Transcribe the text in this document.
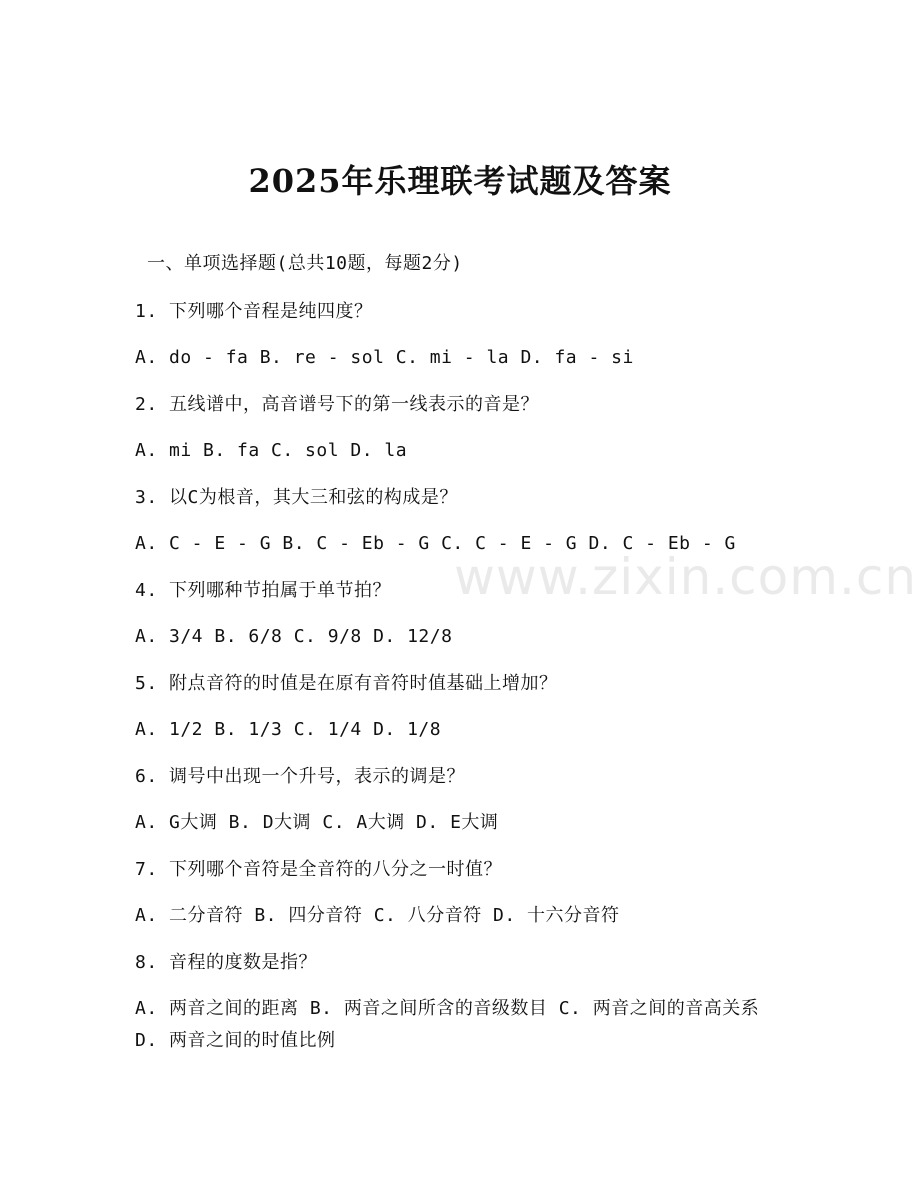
2025年乐理联考试题及答案
一、单项选择题(总共10题，每题2分)
1. 下列哪个音程是纯四度？
A. do - fa B. re - sol C. mi - la D. fa - si
2. 五线谱中，高音谱号下的第一线表示的音是？
A. mi B. fa C. sol D. la
3. 以C为根音，其大三和弦的构成是？
A. C - E - G B. C - Eb - G C. C - E - G D. C - Eb - G
4. 下列哪种节拍属于单节拍？
A. 3/4 B. 6/8 C. 9/8 D. 12/8
5. 附点音符的时值是在原有音符时值基础上增加？
A. 1/2 B. 1/3 C. 1/4 D. 1/8
6. 调号中出现一个升号，表示的调是？
A. G大调 B. D大调 C. A大调 D. E大调
7. 下列哪个音符是全音符的八分之一时值？
A. 二分音符 B. 四分音符 C. 八分音符 D. 十六分音符
8. 音程的度数是指？
A. 两音之间的距离 B. 两音之间所含的音级数目 C. 两音之间的音高关系 D. 两音之间的时值比例
www.zixin.com.cn
